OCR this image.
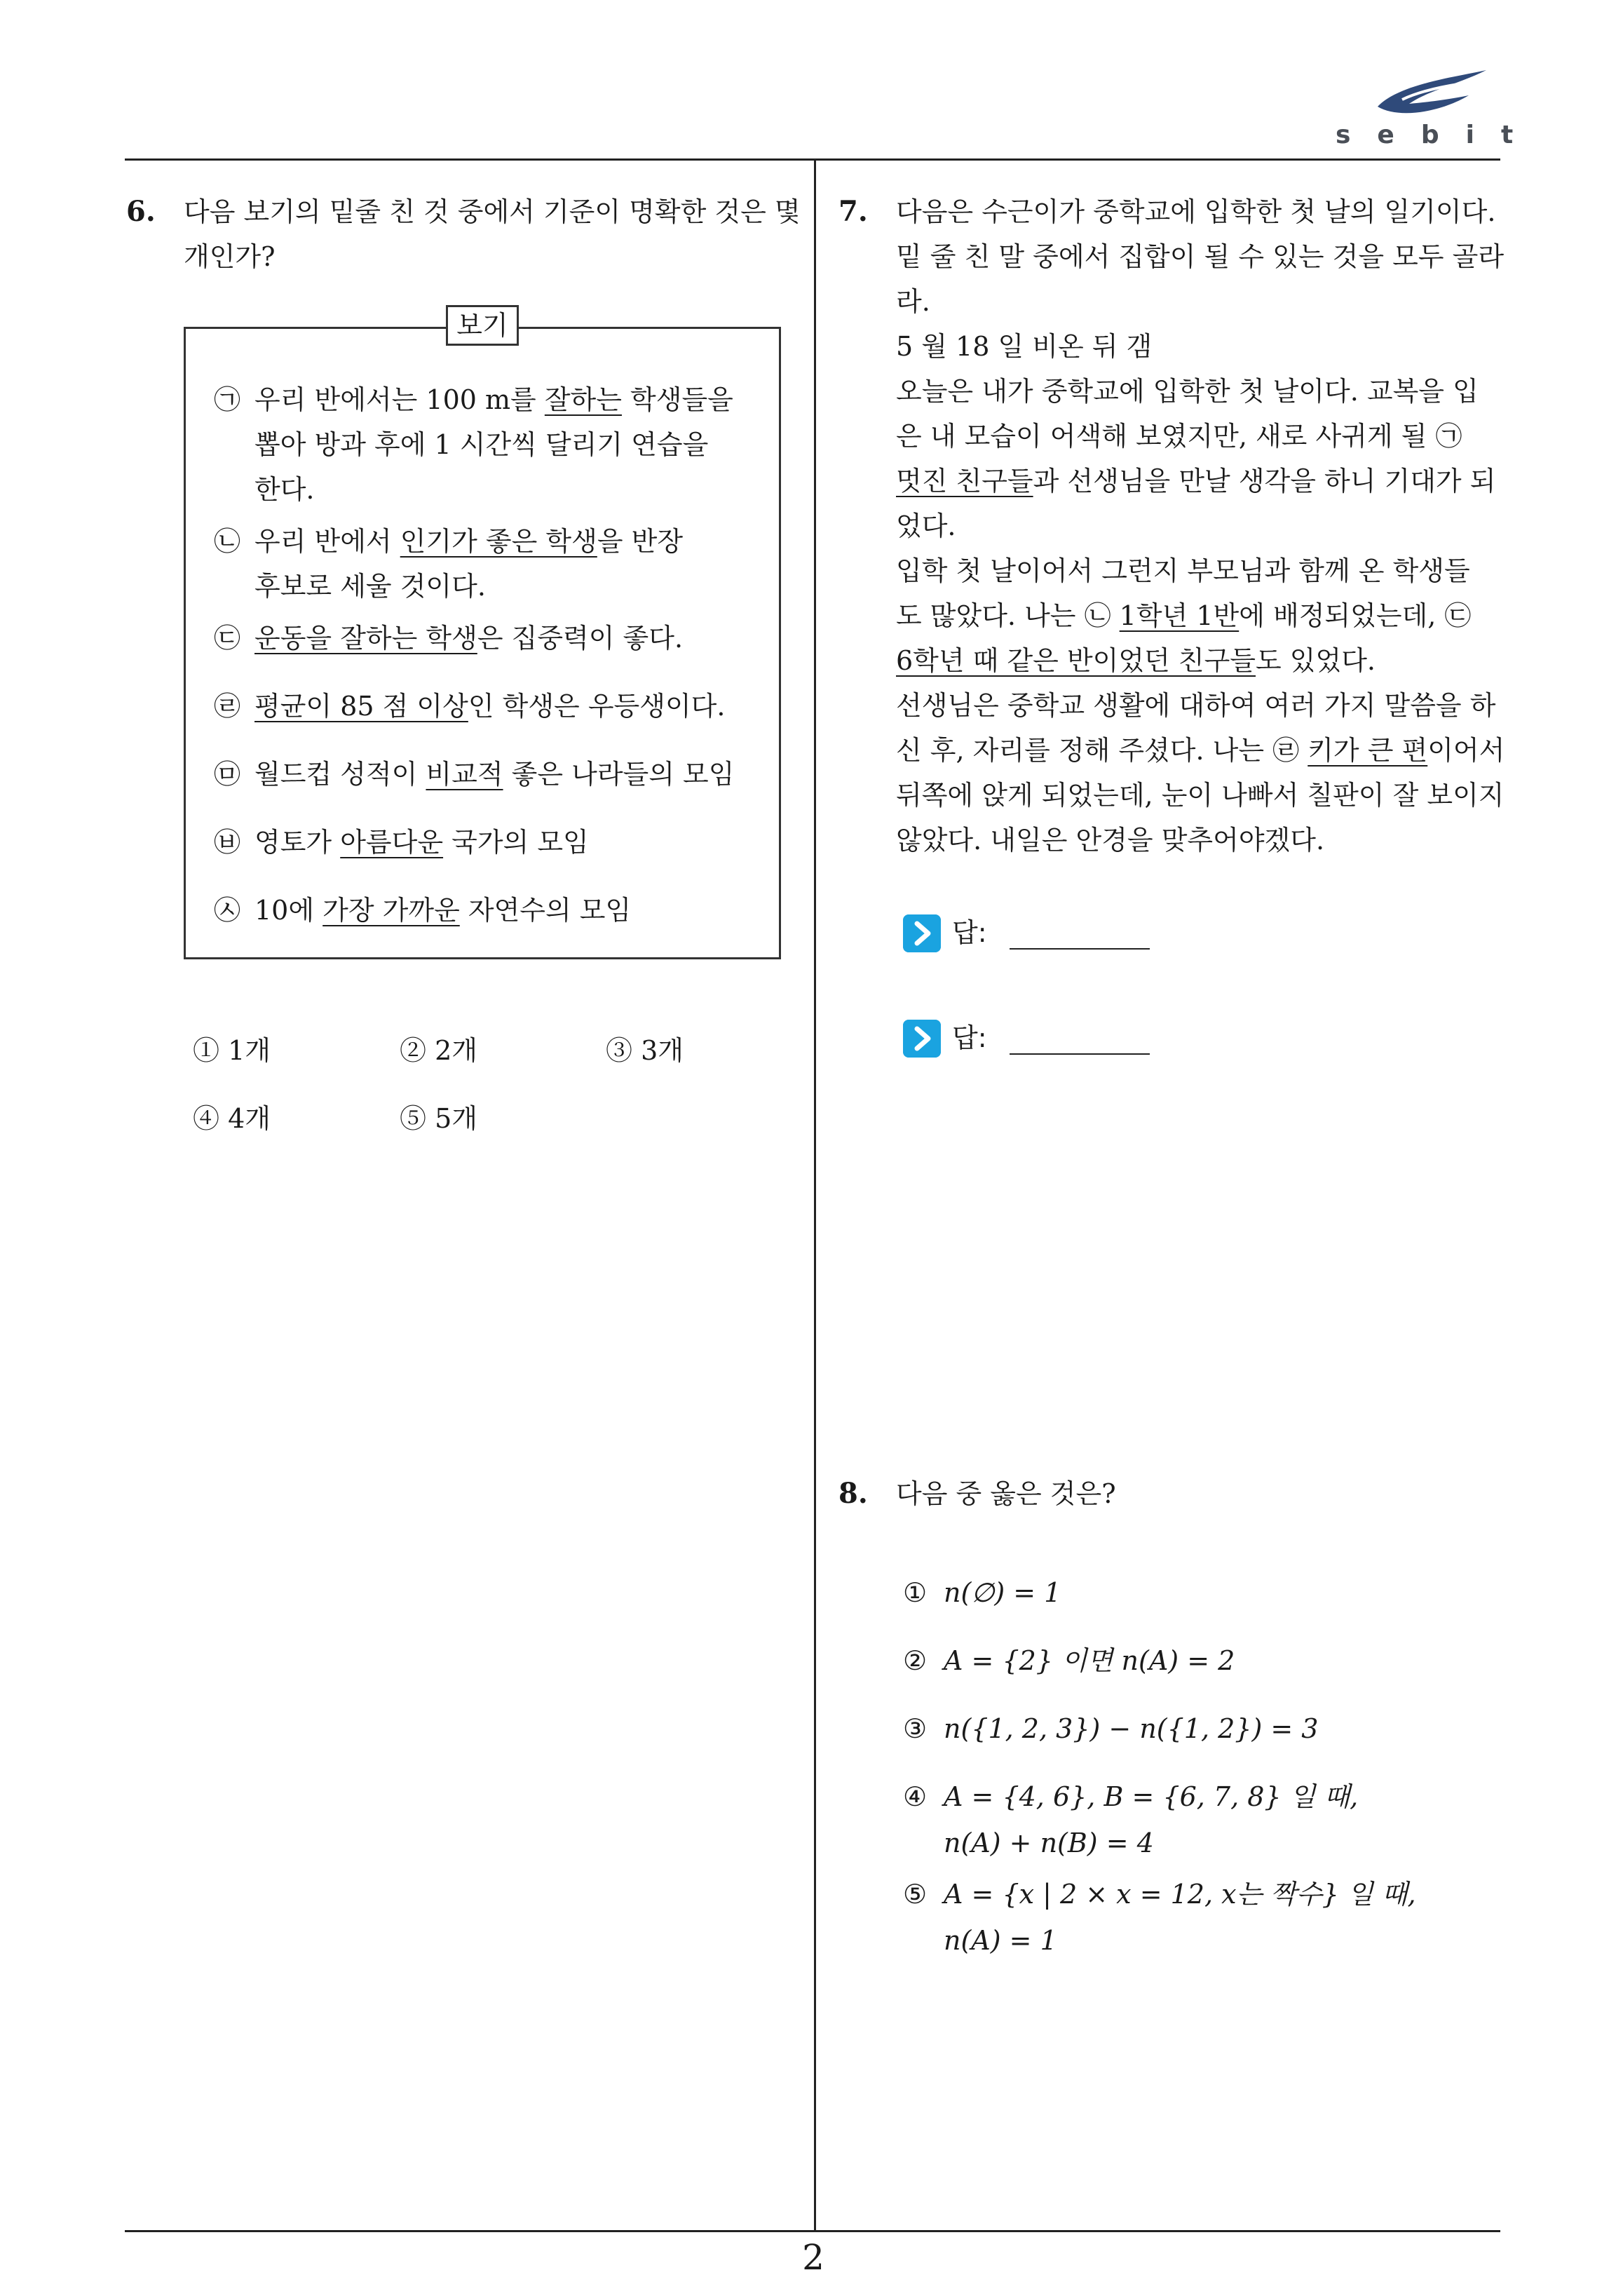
sebit
2
6. 다음 보기의 밑줄 친 것 중에서 기준이 명확한 것은 몇
개인가?
보기
㉠ 우리 반에서는 100 m를 잘하는 학생들을
뽑아 방과 후에 1 시간씩 달리기 연습을
한다.
㉡ 우리 반에서 인기가 좋은 학생을 반장
후보로 세울 것이다.
㉢ 운동을 잘하는 학생은 집중력이 좋다.
㉣ 평균이 85 점 이상인 학생은 우등생이다.
㉤ 월드컵 성적이 비교적 좋은 나라들의 모임
㉥ 영토가 아름다운 국가의 모임
㉦ 10에 가장 가까운 자연수의 모임
① 1개	② 2개	③ 3개
④ 4개	⑤ 5개
7. 다음은 수근이가 중학교에 입학한 첫 날의 일기이다.
밑 줄 친 말 중에서 집합이 될 수 있는 것을 모두 골라
라.
5 월 18 일 비온 뒤 갬
오늘은 내가 중학교에 입학한 첫 날이다. 교복을 입
은 내 모습이 어색해 보였지만, 새로 사귀게 될 ㉠
멋진 친구들과 선생님을 만날 생각을 하니 기대가 되
었다.
입학 첫 날이어서 그런지 부모님과 함께 온 학생들
도 많았다. 나는 ㉡ 1학년 1반에 배정되었는데, ㉢
6학년 때 같은 반이었던 친구들도 있었다.
선생님은 중학교 생활에 대하여 여러 가지 말씀을 하
신 후, 자리를 정해 주셨다. 나는 ㉣ 키가 큰 편이어서
뒤쪽에 앉게 되었는데, 눈이 나빠서 칠판이 잘 보이지
않았다. 내일은 안경을 맞추어야겠다.
답:
답:
8. 다음 중 옳은 것은?
① n(∅) = 1
② A = {2} 이면 n(A) = 2
③ n({1, 2, 3}) − n({1, 2}) = 3
④ A = {4, 6}, B = {6, 7, 8} 일 때,
n(A) + n(B) = 4
⑤ A = {x | 2 × x = 12, x는 짝수} 일 때,
n(A) = 1
